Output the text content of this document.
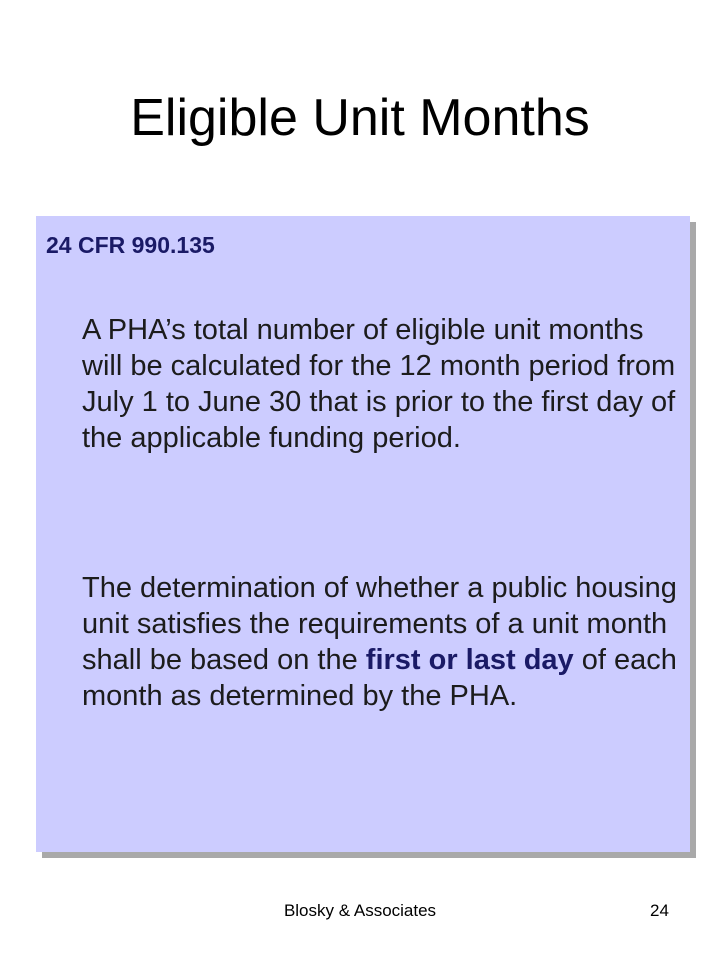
Eligible Unit Months
24 CFR 990.135

A PHA’s total number of eligible unit months will be calculated for the 12 month period from July 1 to June 30 that is prior to the first day of the applicable funding period.

The determination of whether a public housing unit satisfies the requirements of a unit month shall be based on the first or last day of each month as determined by the PHA.

Blosky & Associates	24
